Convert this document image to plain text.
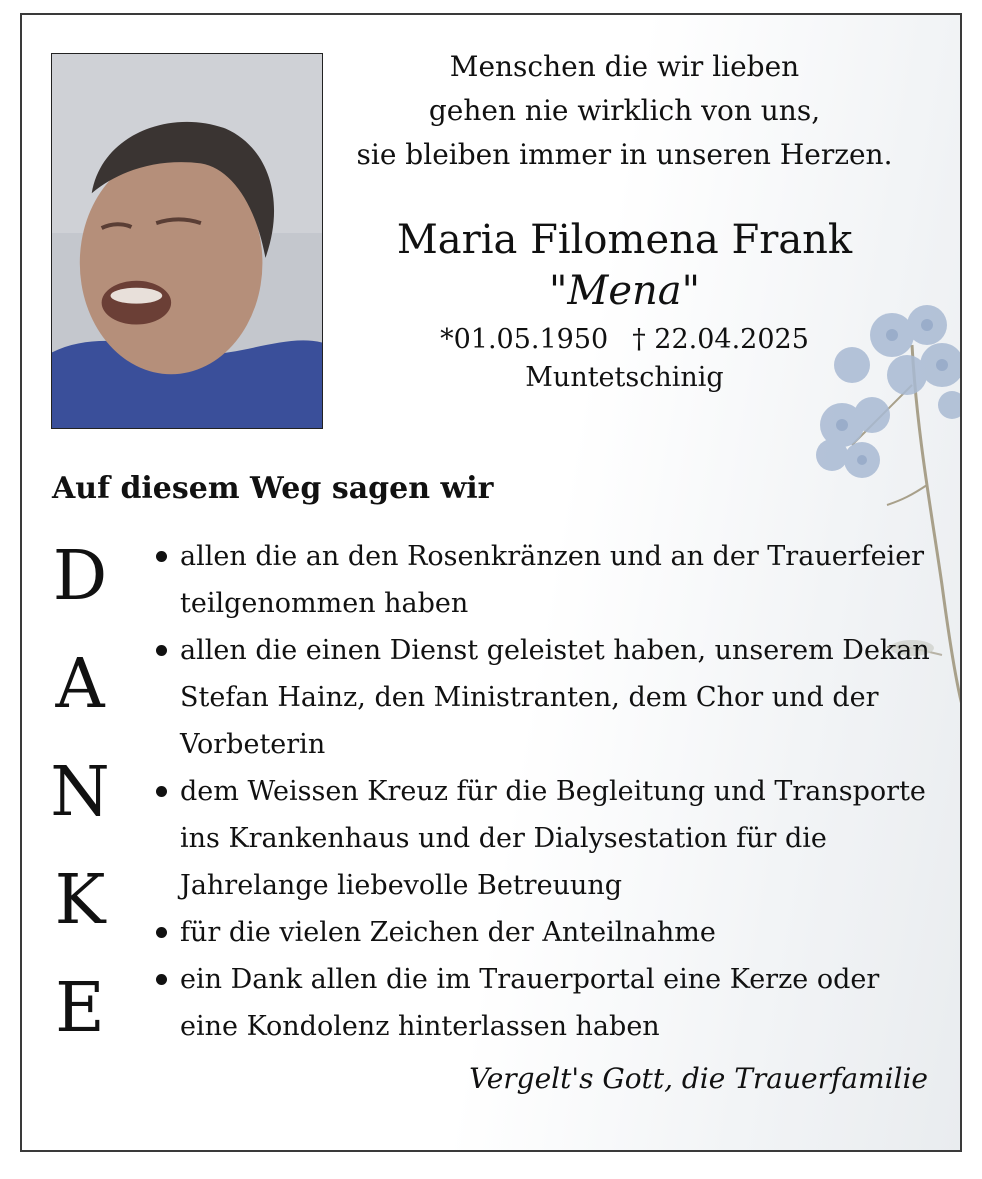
Menschen die wir lieben
gehen nie wirklich von uns,
sie bleiben immer in unseren Herzen.

Maria Filomena Frank
"Mena"
*01.05.1950 † 22.04.2025
Muntetschinig
Auf diesem Weg sagen wir
D
A
N
K
E
allen die an den Rosenkränzen und an der Trauerfeier teilgenommen haben
allen die einen Dienst geleistet haben, unserem Dekan Stefan Hainz, den Ministranten, dem Chor und der Vorbeterin
dem Weissen Kreuz für die Begleitung und Transporte ins Krankenhaus und der Dialysestation für die Jahrelange liebevolle Betreuung
für die vielen Zeichen der Anteilnahme
ein Dank allen die im Trauerportal eine Kerze oder eine Kondolenz hinterlassen haben
Vergelt's Gott, die Trauerfamilie
